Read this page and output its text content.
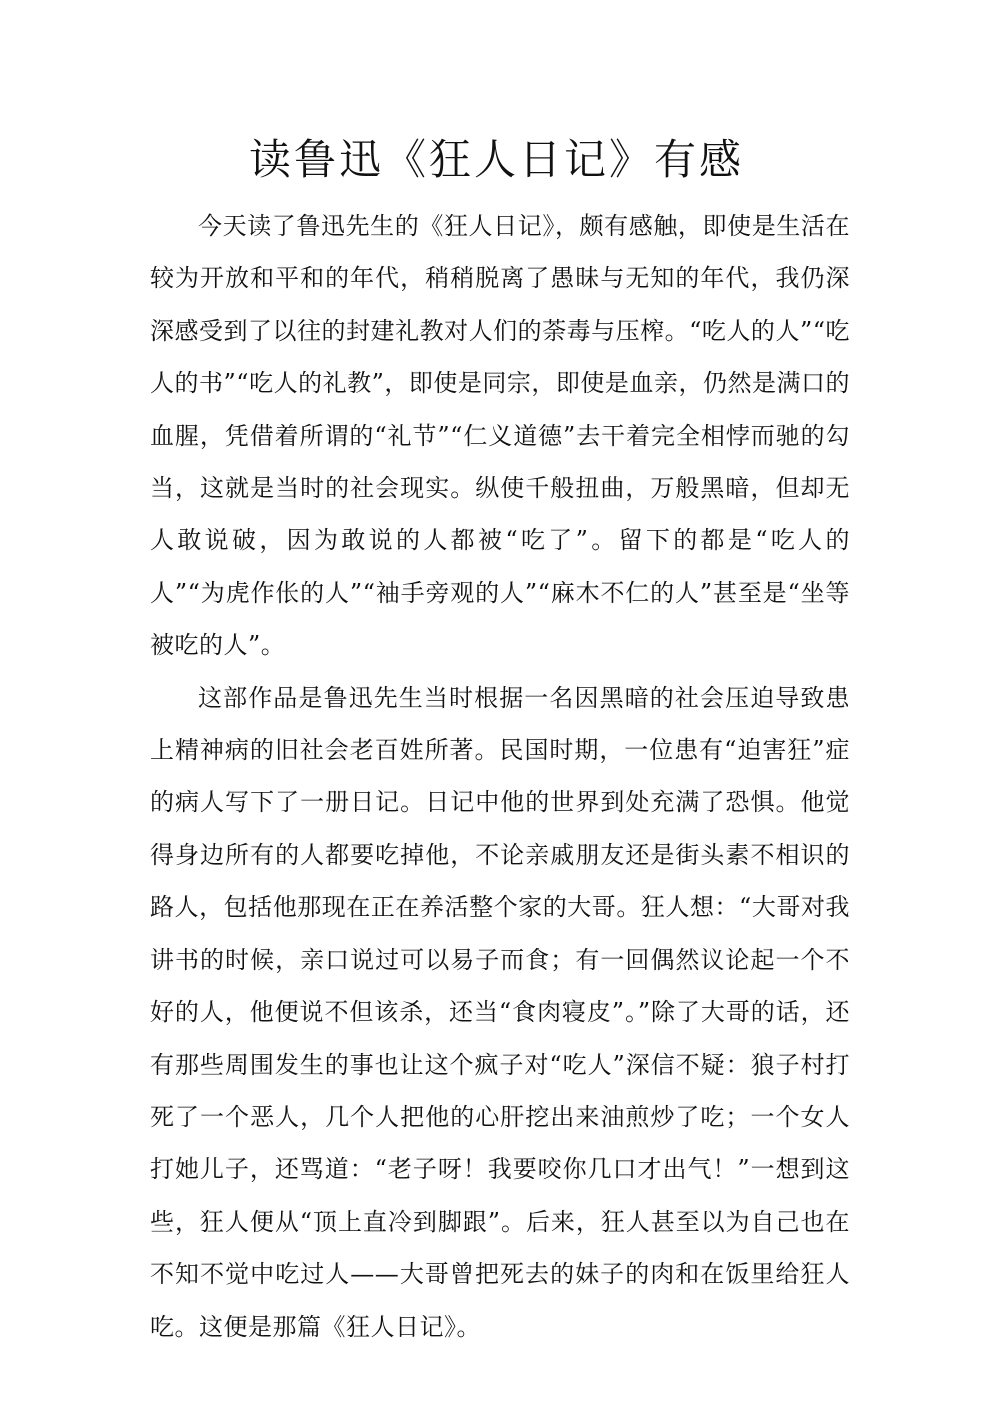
读鲁迅《狂人日记》有感

今天读了鲁迅先生的《狂人日记》，颇有感触，即使是生活在较为开放和平和的年代，稍稍脱离了愚昧与无知的年代，我仍深深感受到了以往的封建礼教对人们的荼毒与压榨。“吃人的人”“吃人的书”“吃人的礼教”，即使是同宗，即使是血亲，仍然是满口的血腥，凭借着所谓的“礼节”“仁义道德”去干着完全相悖而驰的勾当，这就是当时的社会现实。纵使千般扭曲，万般黑暗，但却无人敢说破，因为敢说的人都被“吃了”。留下的都是“吃人的人”“为虎作伥的人”“袖手旁观的人”“麻木不仁的人”甚至是“坐等被吃的人”。

这部作品是鲁迅先生当时根据一名因黑暗的社会压迫导致患上精神病的旧社会老百姓所著。民国时期，一位患有“迫害狂”症的病人写下了一册日记。日记中他的世界到处充满了恐惧。他觉得身边所有的人都要吃掉他，不论亲戚朋友还是街头素不相识的路人，包括他那现在正在养活整个家的大哥。狂人想：“大哥对我讲书的时候，亲口说过可以易子而食；有一回偶然议论起一个不好的人，他便说不但该杀，还当“食肉寝皮”。”除了大哥的话，还有那些周围发生的事也让这个疯子对“吃人”深信不疑：狼子村打死了一个恶人，几个人把他的心肝挖出来油煎炒了吃；一个女人打她儿子，还骂道：“老子呀！我要咬你几口才出气！”一想到这些，狂人便从“顶上直冷到脚跟”。后来，狂人甚至以为自己也在不知不觉中吃过人——大哥曾把死去的妹子的肉和在饭里给狂人吃。这便是那篇《狂人日记》。
